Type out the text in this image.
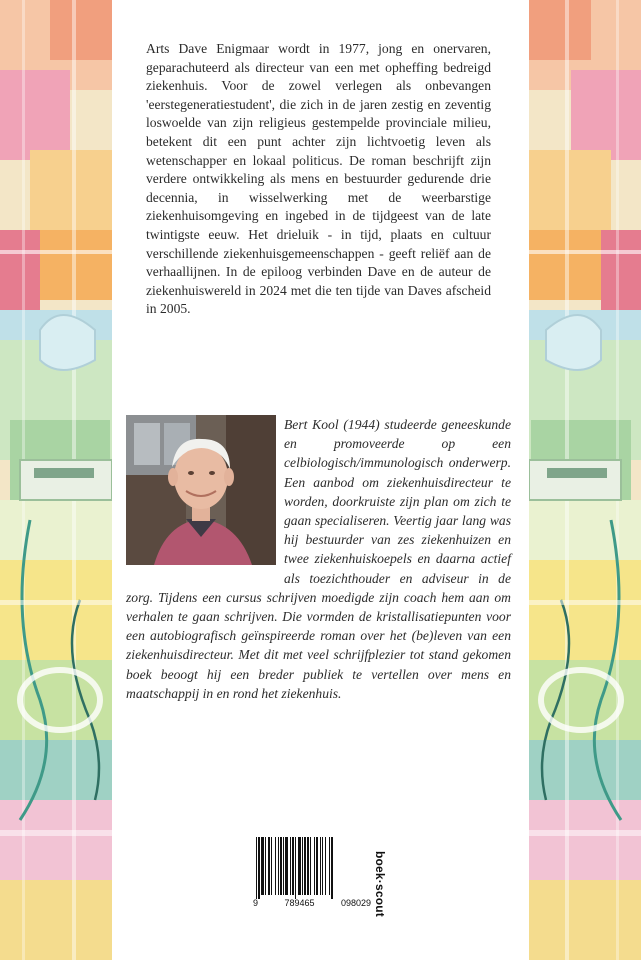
Arts Dave Enigmaar wordt in 1977, jong en onervaren, geparachuteerd als directeur van een met opheffing bedreigd ziekenhuis. Voor de zowel verlegen als onbevangen 'eerstegeneratiestudent', die zich in de jaren zestig en zeventig loswoelde van zijn religieus gestempelde provinciale milieu, betekent dit een punt achter zijn lichtvoetig leven als wetenschapper en lokaal politicus. De roman beschrijft zijn verdere ontwikkeling als mens en bestuurder gedurende drie decennia, in wisselwerking met de weerbarstige ziekenhuisomgeving en ingebed in de tijdgeest van de late twintigste eeuw. Het drieluik - in tijd, plaats en cultuur verschillende ziekenhuisgemeenschappen - geeft reliëf aan de verhaallijnen. In de epiloog verbinden Dave en de auteur de ziekenhuiswereld in 2024 met die ten tijde van Daves afscheid in 2005.

Bert Kool (1944) studeerde geneeskunde en promoveerde op een celbiologisch/immunologisch onderwerp. Een aanbod om ziekenhuisdirecteur te worden, doorkruiste zijn plan om zich te gaan specialiseren. Veertig jaar lang was hij bestuurder van zes ziekenhuizen en twee ziekenhuiskoepels en daarna actief als toezichthouder en adviseur in de zorg. Tijdens een cursus schrijven moedigde zijn coach hem aan om verhalen te gaan schrijven. Die vormden de kristallisatiepunten voor een autobiografisch geïnspireerde roman over het (be)leven van een ziekenhuisdirecteur. Met dit met veel schrijfplezier tot stand gekomen boek beoogt hij een breder publiek te vertellen over mens en maatschappij in en rond het ziekenhuis.
9	789465	098029 boek·scout
